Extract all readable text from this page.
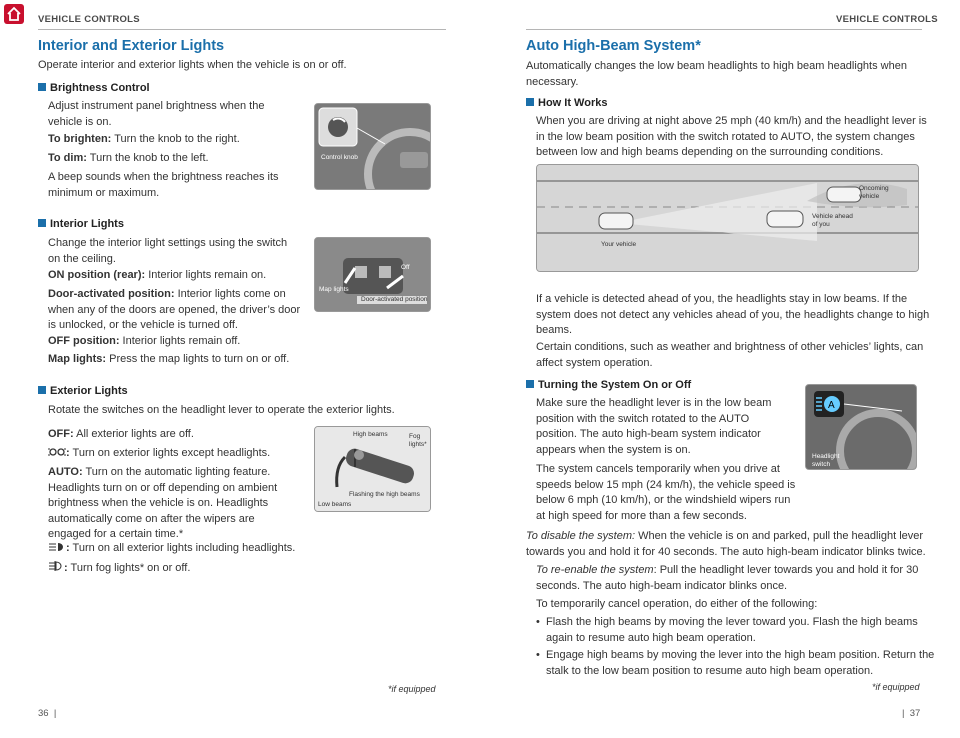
VEHICLE CONTROLS
Interior and Exterior Lights
Operate interior and exterior lights when the vehicle is on or off.
Brightness Control
Adjust instrument panel brightness when the
vehicle is on.
To brighten: Turn the knob to the right.
To dim: Turn the knob to the left.
A beep sounds when the brightness reaches its
minimum or maximum.
Control knob
Interior Lights
Change the interior light settings using the switch
on the ceiling.
ON position (rear): Interior lights remain on.
Door-activated position: Interior lights come on
when any of the doors are opened, the driver’s door
is unlocked, or the vehicle is turned off.
OFF position: Interior lights remain off.
Map lights: Press the map lights to turn on or off.
Off
Map lights
Door-activated position
Exterior Lights
Rotate the switches on the headlight lever to operate the exterior lights.
OFF: All exterior lights are off.
: Turn on exterior lights except headlights.
AUTO: Turn on the automatic lighting feature.
Headlights turn on or off depending on ambient
brightness when the vehicle is on. Headlights
automatically come on after the wipers are
engaged for a certain time.*
: Turn on all exterior lights including headlights.
: Turn fog lights* on or off.
High beams	Fog
lights*
Flashing the high beams
Low beams
*if equipped
36  |
VEHICLE CONTROLS
Auto High-Beam System*
Automatically changes the low beam headlights to high beam headlights when
necessary.
How It Works
When you are driving at night above 25 mph (40 km/h) and the headlight lever is
in the low beam position with the switch rotated to AUTO, the system changes
between low and high beams depending on the surrounding conditions.
Oncoming
vehicle
Vehicle ahead
of you
Your vehicle
If a vehicle is detected ahead of you, the headlights stay in low beams. If the
system does not detect any vehicles ahead of you, the headlights change to high
beams.
Certain conditions, such as weather and brightness of other vehicles’ lights, can
affect system operation.
Turning the System On or Off
Make sure the headlight lever is in the low beam
position with the switch rotated to the AUTO
position. The auto high-beam system indicator
appears when the system is on.
The system cancels temporarily when you drive at
speeds below 15 mph (24 km/h), the vehicle speed is
below 6 mph (10 km/h), or the windshield wipers run
at high speed for more than a few seconds.
A
Headlight
switch
To disable the system: When the vehicle is on and parked, pull the headlight lever
towards you and hold it for 40 seconds. The auto high-beam indicator blinks twice.
To re-enable the system: Pull the headlight lever towards you and hold it for 30
seconds. The auto high-beam indicator blinks once.
To temporarily cancel operation, do either of the following:
• Flash the high beams by moving the lever toward you. Flash the high beams
again to resume auto high beam operation.
• Engage high beams by moving the lever into the high beam position. Return the
stalk to the low beam position to resume auto high beam operation.
*if equipped
|  37
